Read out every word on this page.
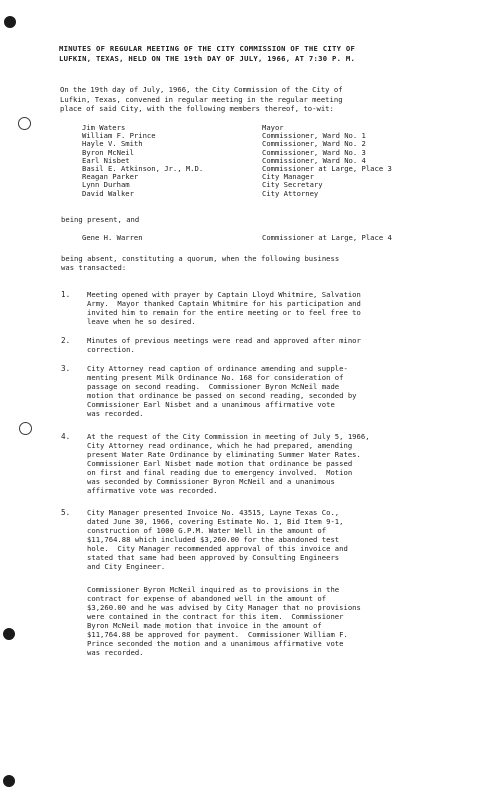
MINUTES OF REGULAR MEETING OF THE CITY COMMISSION OF THE CITY OF
LUFKIN, TEXAS, HELD ON THE 19th DAY OF JULY, 1966, AT 7:30 P. M.
On the 19th day of July, 1966, the City Commission of the City of
Lufkin, Texas, convened in regular meeting in the regular meeting
place of said City, with the following members thereof, to-wit:
Jim Waters	Mayor
William F. Prince	Commissioner, Ward No. 1
Hayle V. Smith	Commissioner, Ward No. 2
Byron McNeil	Commissioner, Ward No. 3
Earl Nisbet	Commissioner, Ward No. 4
Basil E. Atkinson, Jr., M.D.	Commissioner at Large, Place 3
Reagan Parker	City Manager
Lynn Durham	City Secretary
David Walker	City Attorney
being present, and
Gene H. Warren	Commissioner at Large, Place 4
being absent, constituting a quorum, when the following business
was transacted:
1. Meeting opened with prayer by Captain Lloyd Whitmire, Salvation
Army.  Mayor thanked Captain Whitmire for his participation and
invited him to remain for the entire meeting or to feel free to
leave when he so desired.
2. Minutes of previous meetings were read and approved after minor
correction.
3. City Attorney read caption of ordinance amending and supple-
menting present Milk Ordinance No. 168 for consideration of
passage on second reading.  Commissioner Byron McNeil made
motion that ordinance be passed on second reading, seconded by
Commissioner Earl Nisbet and a unanimous affirmative vote
was recorded.
4. At the request of the City Commission in meeting of July 5, 1966,
City Attorney read ordinance, which he had prepared, amending
present Water Rate Ordinance by eliminating Summer Water Rates.
Commissioner Earl Nisbet made motion that ordinance be passed
on first and final reading due to emergency involved.  Motion
was seconded by Commissioner Byron McNeil and a unanimous
affirmative vote was recorded.
5. City Manager presented Invoice No. 43515, Layne Texas Co.,
dated June 30, 1966, covering Estimate No. 1, Bid Item 9-1,
construction of 1000 G.P.M. Water Well in the amount of
$11,764.88 which included $3,260.00 for the abandoned test
hole.  City Manager recommended approval of this invoice and
stated that same had been approved by Consulting Engineers
and City Engineer.
Commissioner Byron McNeil inquired as to provisions in the
contract for expense of abandoned well in the amount of
$3,260.00 and he was advised by City Manager that no provisions
were contained in the contract for this item.  Commissioner
Byron McNeil made motion that invoice in the amount of
$11,764.88 be approved for payment.  Commissioner William F.
Prince seconded the motion and a unanimous affirmative vote
was recorded.
